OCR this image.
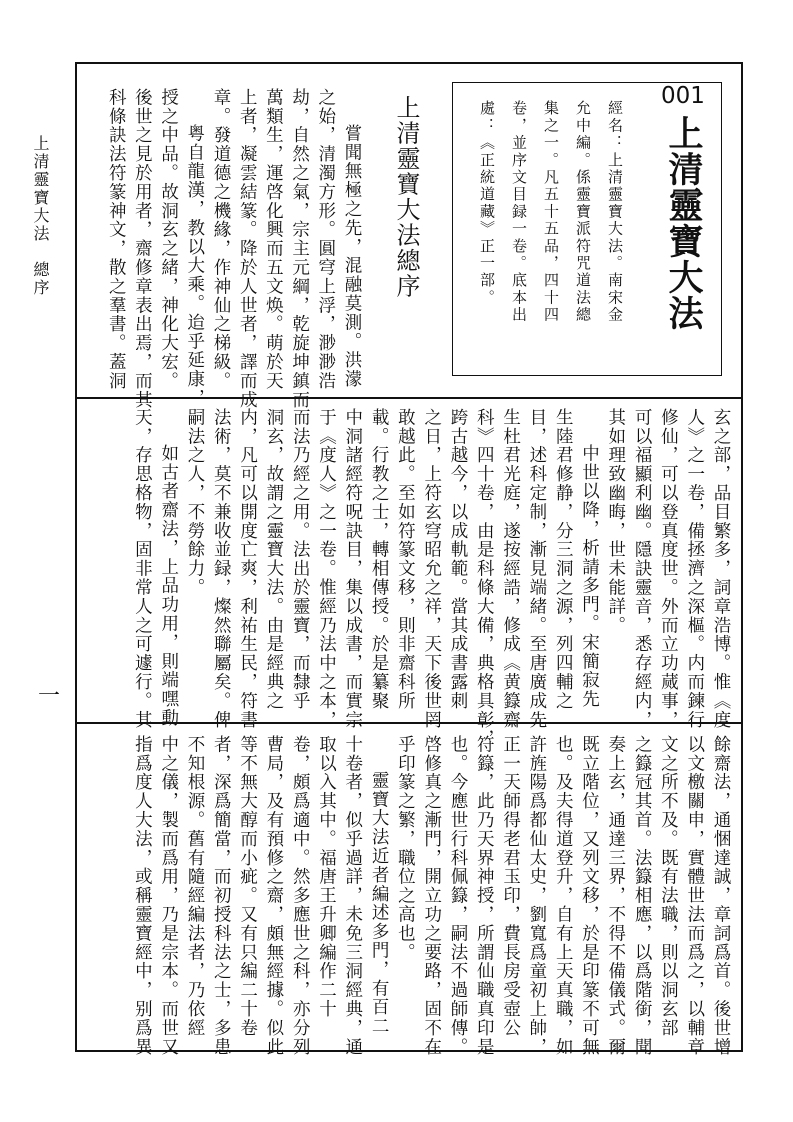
上清靈寶大法　總序
一
001
上清靈寶大法
經名：上清靈寶大法。南宋金
允中編。係靈寶派符咒道法總
集之一。凡五十五品，四十四
卷，並序文目録一卷。底本出
處：《正統道藏》正一部。
上清靈寶大法總序
嘗聞無極之先，混融莫測。洪濛
之始，清濁方形。圓穹上浮，渺渺浩
劫，自然之氣，宗主元綱，乾旋坤鎮而
萬類生，運啓化興而五文焕。萌於天
上者，凝雲結篆。降於人世者，譯而成
章。發道德之機緣，作神仙之梯級。
粤自龍漢，教以大乘。迨乎延康，
授之中品。故洞玄之緒，神化大宏。
後世之見於用者，齋修章表出焉，而其
科條訣法符篆神文，散之羣書。蓋洞
玄之部，品目繁多，詞章浩博。惟《度
人》之一卷，備拯濟之深樞。内而鍊行
修仙，可以登真度世。外而立功蒇事，
可以福顯利幽。隱訣靈音，悉存經内，
其如理致幽晦，世未能詳。
中世以降，析請多門。宋簡寂先
生陸君修静，分三洞之源，列四輔之
目，述科定制，漸見端緒。至唐廣成先
生杜君光庭，遂按經誥，修成《黄籙齋
科》四十卷，由是科條大備，典格具彰，
跨古越今，以成軌範。當其成書露刺
之日，上符玄穹昭允之祥，天下後世罔
敢越此。至如符篆文移，則非齋科所
載。行教之士，轉相傳授。於是纂聚
中洞諸經符呪訣目，集以成書，而實宗
于《度人》之一卷。惟經乃法中之本，
而法乃經之用。法出於靈寶，而隸乎
洞玄，故謂之靈寶大法。由是經典之
内，凡可以開度亡爽，利祐生民，符書
法術，莫不兼收並録，燦然聯屬矣。俾
嗣法之人，不勞餘力。
如古者齋法，上品功用，則端嘿動
天，存思格物，固非常人之可遽行。其
餘齋法，通悃達誠，章詞爲首。後世增
以文檄關申，實體世法而爲之，以輔章
文之所不及。既有法職，則以洞玄部
之籙冠其首。法籙相應，以爲階銜，聞
奏上玄，通達三界，不得不備儀式。爾
既立階位，又列文移，於是印篆不可無
也。及夫得道登升，自有上天真職，如
許旌陽爲都仙太史，劉寬爲童初上帥，
正一天師得老君玉印，費長房受壺公
符籙，此乃天界神授，所謂仙職真印是
也。今應世行科佩籙，嗣法不過師傳。
啓修真之漸門，開立功之要路，固不在
乎印篆之繁，職位之高也。
靈寶大法近者編述多門，有百二
十卷者，似乎過詳，未免三洞經典，通
取以入其中。福唐王升卿編作二十
卷，頗爲適中。然多應世之科，亦分列
曹局，及有預修之齋，頗無經據。似此
等不無大醇而小疵。又有只編二十卷
者，深爲簡當，而初授科法之士，多患
不知根源。舊有隨經編法者，乃依經
中之儀，製而爲用，乃是宗本。而世又
指爲度人大法，或稱靈寶經中，别爲異
